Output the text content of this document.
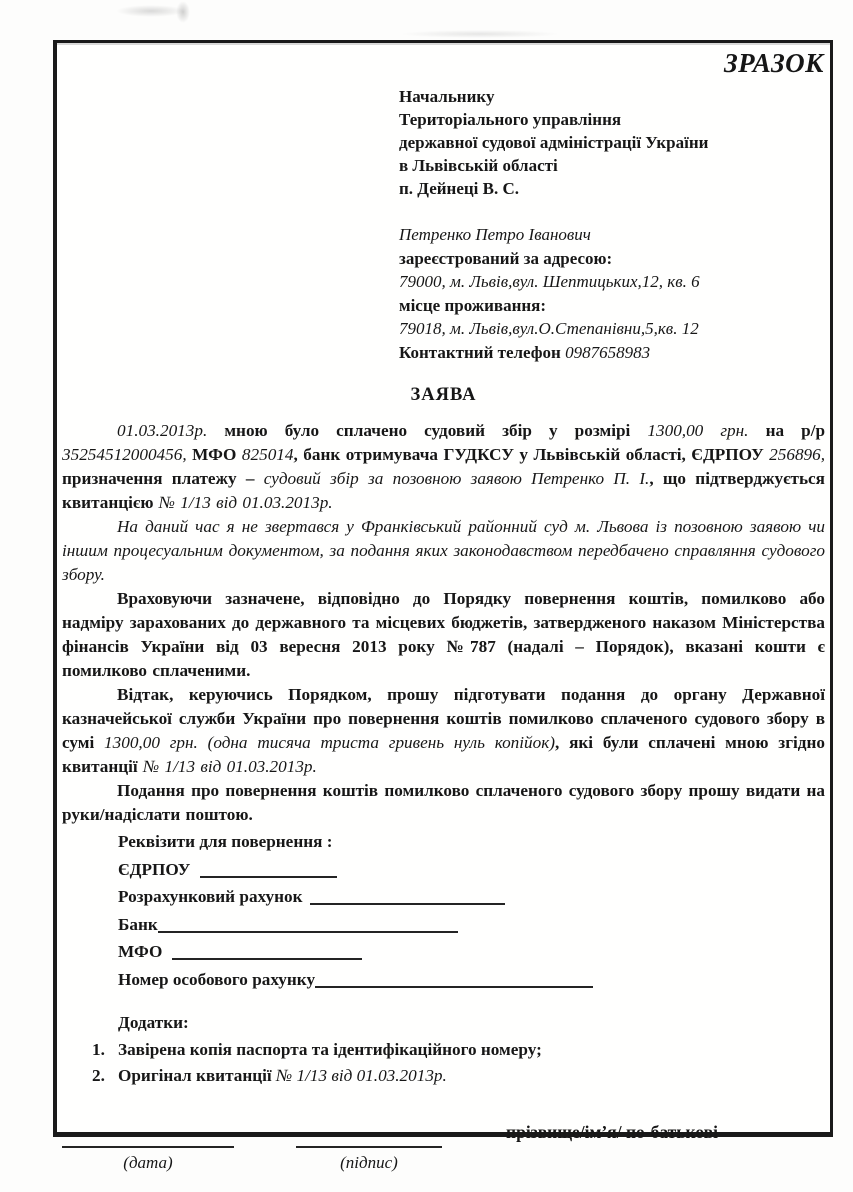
ЗРАЗОК
Начальнику
Територіального управління
державної судової адміністрації України
в Львівській області
п. Дейнеці В. С.
Петренко Петро Іванович
зареєстрований за адресою:
79000, м. Львів,вул. Шептицьких,12, кв. 6
місце проживання:
79018, м. Львів,вул.О.Степанівни,5,кв. 12
Контактний телефон 0987658983
ЗАЯВА

01.03.2013р. мною було сплачено судовий збір у розмірі 1300,00 грн. на р/р 35254512000456, МФО 825014, банк отримувача ГУДКСУ у Львівській області, ЄДРПОУ 256896, призначення платежу – судовий збір за позовною заявою Петренко П. І., що підтверджується квитанцією № 1/13 від 01.03.2013р.

На даний час я не звертався у Франківський районний суд м. Львова із позовною заявою чи іншим процесуальним документом, за подання яких законодавством передбачено справляння судового збору.

Враховуючи зазначене, відповідно до Порядку повернення коштів, помилково або надміру зарахованих до державного та місцевих бюджетів, затвердженого наказом Міністерства фінансів України від 03 вересня 2013 року №787 (надалі – Порядок), вказані кошти є помилково сплаченими.

Відтак, керуючись Порядком, прошу підготувати подання до органу Державної казначейської служби України про повернення коштів помилково сплаченого судового збору в сумі 1300,00 грн. (одна тисяча триста гривень нуль копійок), які були сплачені мною згідно квитанції № 1/13 від 01.03.2013р.

Подання про повернення коштів помилково сплаченого судового збору прошу видати на руки/надіслати поштою.

Реквізити для повернення :
ЄДРПОУ
Розрахунковий рахунок
Банк
МФО
Номер особового рахунку
Додатки:
1. Завірена копія паспорта та ідентифікаційного номеру;
2. Оригінал квитанції № 1/13 від 01.03.2013р.
прізвище/ім’я/ по-батькові
(дата)	(підпис)
